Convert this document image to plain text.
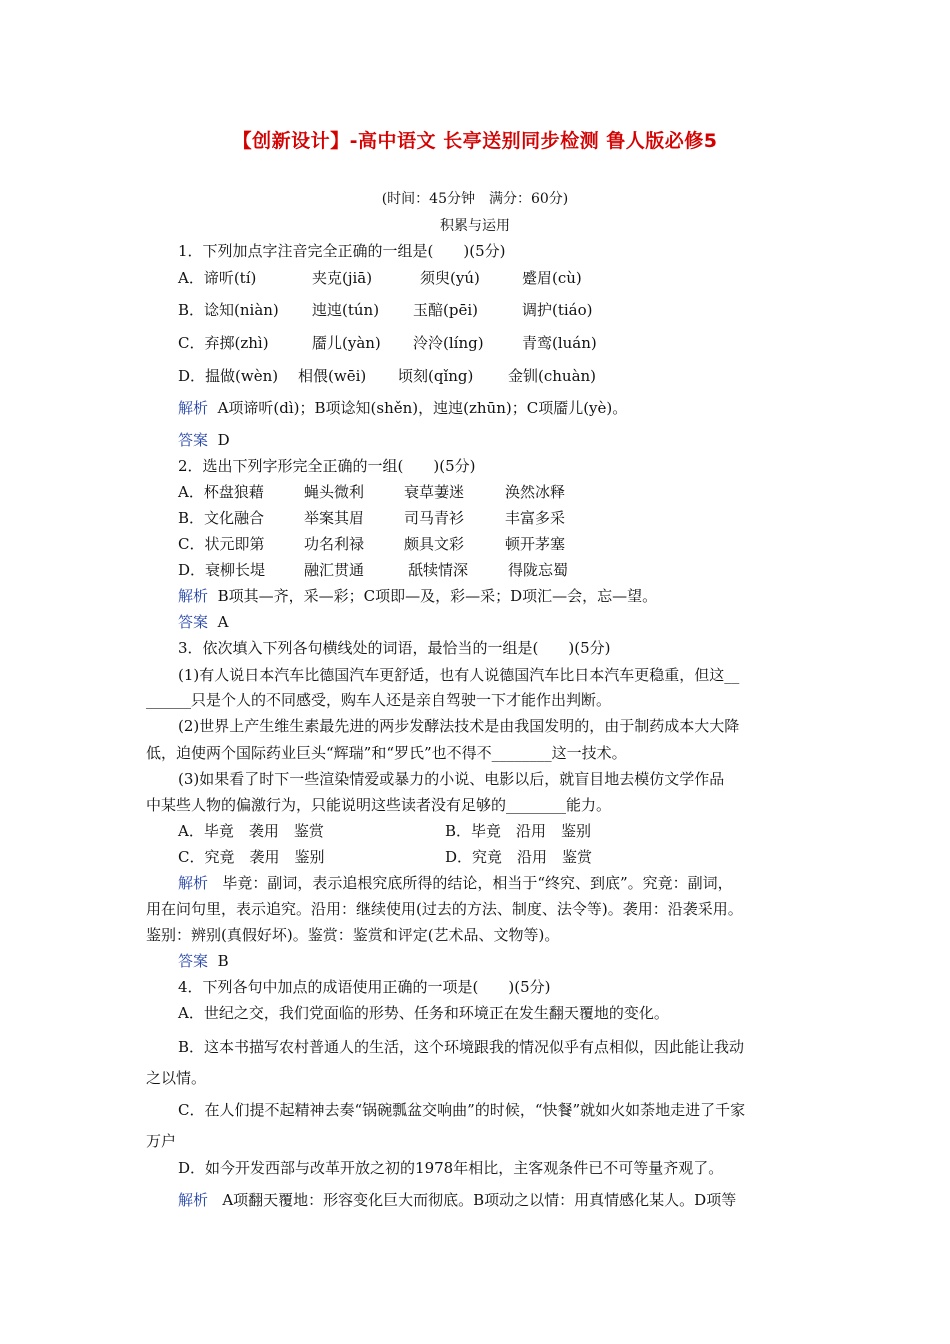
【创新设计】-高中语文 长亭送别同步检测 鲁人版必修5
(时间：45分钟　满分：60分)
积累与运用
1．下列加点字注音完全正确的一组是(　　)(5分)
A．谛听(tí)	夹克(jiā)	须臾(yú)	蹙眉(cù)
B．谂知(niàn) 迍迍(tún) 玉醅(pēi)	调护(tiáo)
C．弃掷(zhì)	靥儿(yàn) 泠泠(líng)	青鸾(luán)
D．揾做(wèn) 相偎(wēi) 顷刻(qǐng) 金钏(chuàn)
解析 A项谛听(dì)；B项谂知(shěn)，迍迍(zhūn)；C项靥儿(yè)。
答案 D
2．选出下列字形完全正确的一组(　　)(5分)
A．杯盘狼藉	蝇头微利	衰草萋迷	涣然冰释
B．文化融合	举案其眉	司马青衫	丰富多采
C．状元即第	功名利禄	颇具文彩	顿开茅塞
D．衰柳长堤	融汇贯通	舐犊情深	得陇忘蜀
解析 B项其—齐，采—彩；C项即—及，彩—采；D项汇—会，忘—望。
答案 A
3．依次填入下列各句横线处的词语，最恰当的一组是(　　)(5分)
(1)有人说日本汽车比德国汽车更舒适，也有人说德国汽车比日本汽车更稳重，但这__
______只是个人的不同感受，购车人还是亲自驾驶一下才能作出判断。
(2)世界上产生维生素最先进的两步发酵法技术是由我国发明的，由于制药成本大大降
低，迫使两个国际药业巨头“辉瑞”和“罗氏”也不得不________这一技术。
(3)如果看了时下一些渲染情爱或暴力的小说、电影以后，就盲目地去模仿文学作品
中某些人物的偏激行为，只能说明这些读者没有足够的________能力。
A．毕竟　袭用　鉴赏	B．毕竟　沿用　鉴别
C．究竟　袭用　鉴别	D．究竟　沿用　鉴赏
解析 毕竟：副词，表示追根究底所得的结论，相当于“终究、到底”。究竟：副词，
用在问句里，表示追究。沿用：继续使用(过去的方法、制度、法令等)。袭用：沿袭采用。
鉴别：辨别(真假好坏)。鉴赏：鉴赏和评定(艺术品、文物等)。
答案 B
4．下列各句中加点的成语使用正确的一项是(　　)(5分)
A．世纪之交，我们党面临的形势、任务和环境正在发生翻天覆地的变化。
B．这本书描写农村普通人的生活，这个环境跟我的情况似乎有点相似，因此能让我动
之以情。
C．在人们提不起精神去奏“锅碗瓢盆交响曲”的时候，“快餐”就如火如荼地走进了千家
万户
D．如今开发西部与改革开放之初的1978年相比，主客观条件已不可等量齐观了。
解析 A项翻天覆地：形容变化巨大而彻底。B项动之以情：用真情感化某人。D项等
